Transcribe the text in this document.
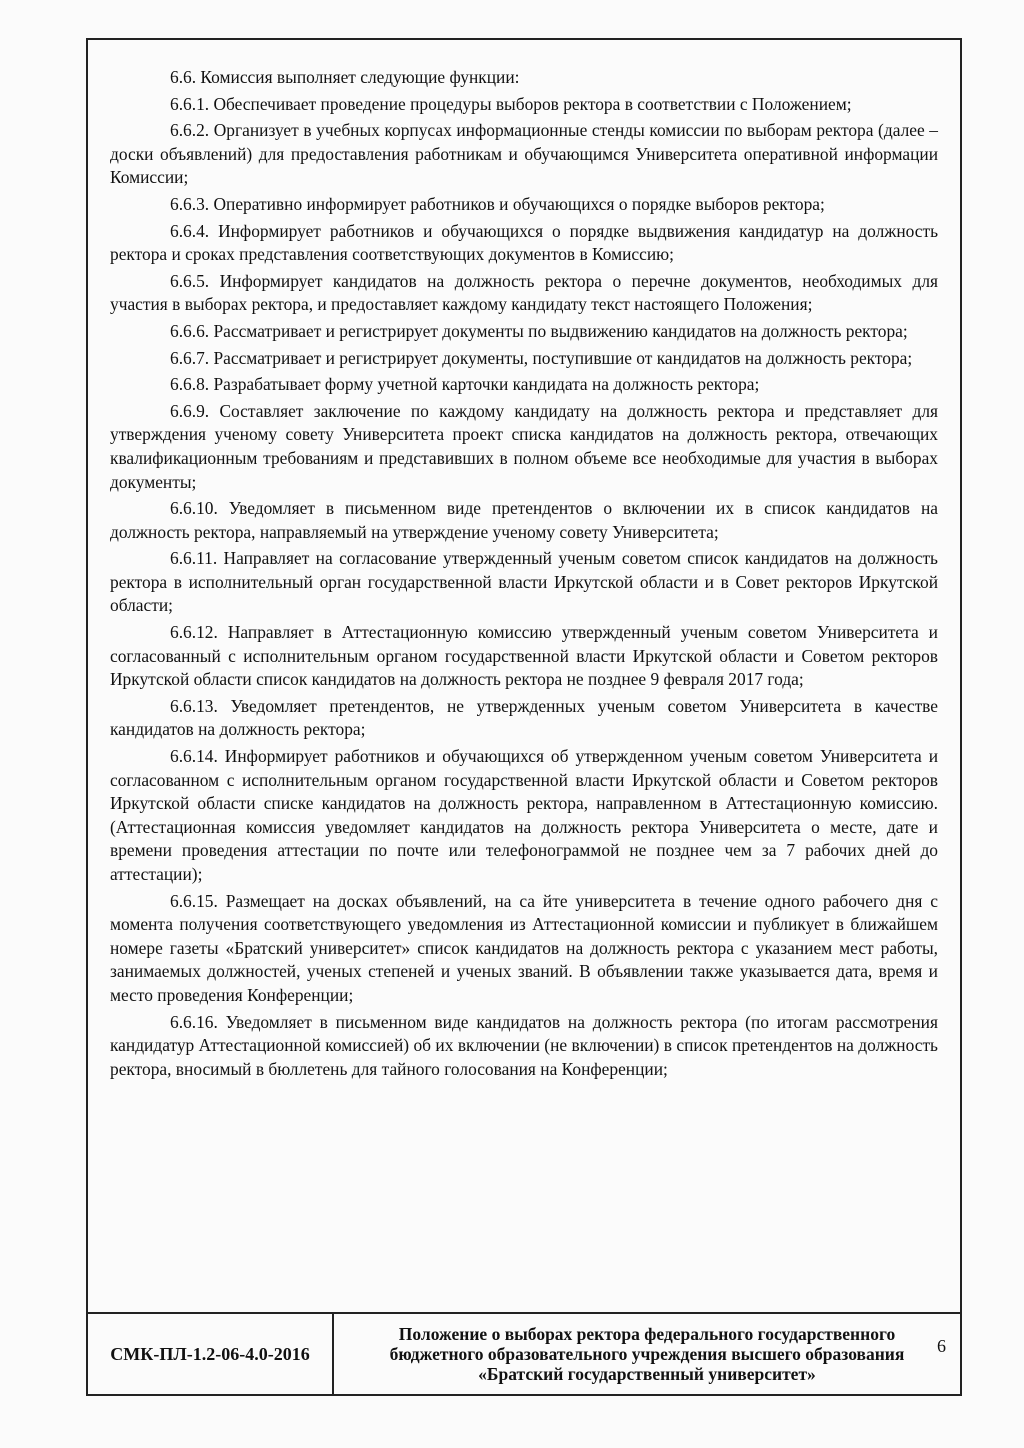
6.6. Комиссия выполняет следующие функции:

6.6.1. Обеспечивает проведение процедуры выборов ректора в соответствии с Положением;

6.6.2. Организует в учебных корпусах информационные стенды комиссии по выборам ректора (далее – доски объявлений) для предоставления работникам и обучающимся Университета оперативной информации Комиссии;

6.6.3. Оперативно информирует работников и обучающихся о порядке выборов ректора;

6.6.4. Информирует работников и обучающихся о порядке выдвижения кандидатур на должность ректора и сроках представления соответствующих документов в Комиссию;

6.6.5. Информирует кандидатов на должность ректора о перечне документов, необходимых для участия в выборах ректора, и предоставляет каждому кандидату текст настоящего Положения;

6.6.6. Рассматривает и регистрирует документы по выдвижению кандидатов на должность ректора;

6.6.7. Рассматривает и регистрирует документы, поступившие от кандидатов на должность ректора;

6.6.8. Разрабатывает форму учетной карточки кандидата на должность ректора;

6.6.9. Составляет заключение по каждому кандидату на должность ректора и представляет для утверждения ученому совету Университета проект списка кандидатов на должность ректора, отвечающих квалификационным требованиям и представивших в полном объеме все необходимые для участия в выборах документы;

6.6.10. Уведомляет в письменном виде претендентов о включении их в список кандидатов на должность ректора, направляемый на утверждение ученому совету Университета;

6.6.11. Направляет на согласование утвержденный ученым советом список кандидатов на должность ректора в исполнительный орган государственной власти Иркутской области и в Совет ректоров Иркутской области;

6.6.12. Направляет в Аттестационную комиссию утвержденный ученым советом Университета и согласованный с исполнительным органом государственной власти Иркутской области и Советом ректоров Иркутской области список кандидатов на должность ректора не позднее 9 февраля 2017 года;

6.6.13. Уведомляет претендентов, не утвержденных ученым советом Университета в качестве кандидатов на должность ректора;

6.6.14. Информирует работников и обучающихся об утвержденном ученым советом Университета и согласованном с исполнительным органом государственной власти Иркутской области и Советом ректоров Иркутской области списке кандидатов на должность ректора, направленном в Аттестационную комиссию. (Аттестационная комиссия уведомляет кандидатов на должность ректора Университета о месте, дате и времени проведения аттестации по почте или телефонограммой не позднее чем за 7 рабочих дней до аттестации);

6.6.15. Размещает на досках объявлений, на са йте университета в течение одного рабочего дня с момента получения соответствующего уведомления из Аттестационной комиссии и публикует в ближайшем номере газеты «Братский университет» список кандидатов на должность ректора с указанием мест работы, занимаемых должностей, ученых степеней и ученых званий. В объявлении также указывается дата, время и место проведения Конференции;

6.6.16. Уведомляет в письменном виде кандидатов на должность ректора (по итогам рассмотрения кандидатур Аттестационной комиссией) об их включении (не включении) в список претендентов на должность ректора, вносимый в бюллетень для тайного голосования на Конференции;

6
СМК-ПЛ-1.2-06-4.0-2016
Положение о выборах ректора федерального государственного
бюджетного образовательного учреждения высшего образования
«Братский государственный университет»
